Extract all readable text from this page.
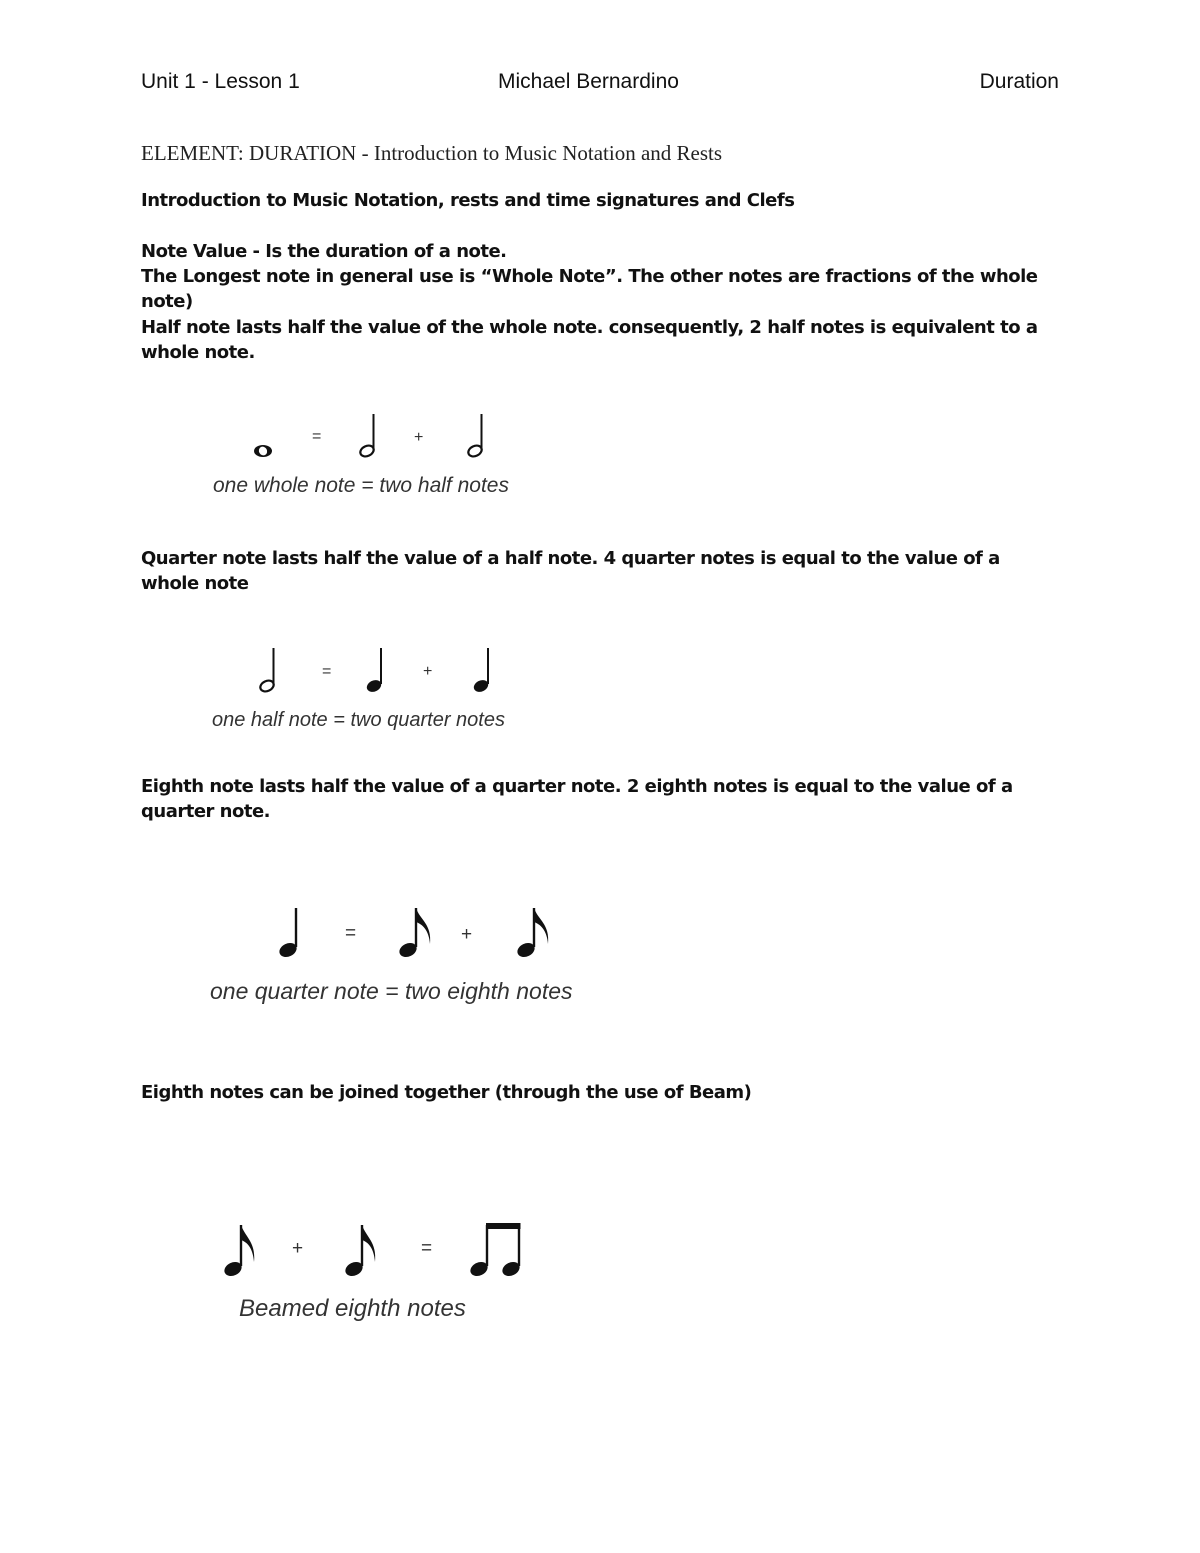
Unit 1 - Lesson 1	Michael Bernardino	Duration
ELEMENT: DURATION - Introduction to Music Notation and Rests
Introduction to Music Notation, rests and time signatures and Clefs
Note Value - Is the duration of a note.
The Longest note in general use is “Whole Note”. The other notes are fractions of the whole note)
Half note lasts half the value of the whole note. consequently, 2 half notes is equivalent to a whole note.
=	+
one whole note = two half notes
Quarter note lasts half the value of a half note. 4 quarter notes is equal to the value of a whole note
=	+
one half note = two quarter notes
Eighth note lasts half the value of a quarter note. 2 eighth notes is equal to the value of a quarter note.
=	+
one quarter note = two eighth notes
Eighth notes can be joined together (through the use of Beam)
+	=
Beamed eighth notes
